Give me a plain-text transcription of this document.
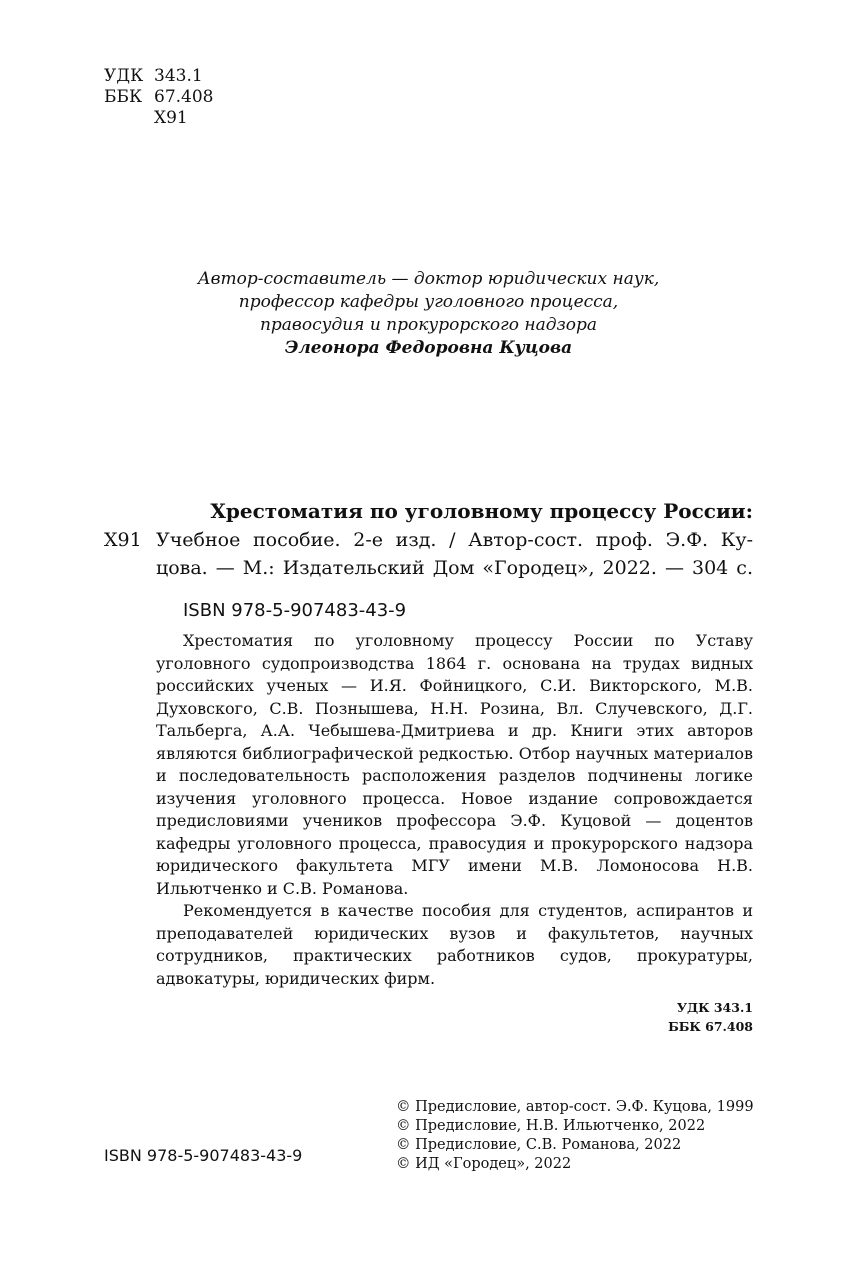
УДК 343.1
ББК 67.408
Х91
Автор-составитель — доктор юридических наук,
профессор кафедры уголовного процесса,
правосудия и прокурорского надзора
Элеонора Федоровна Куцова
Хрестоматия по уголовному процессу России:
Х91 Учебное пособие. 2-е изд. / Автор-сост. проф. Э.Ф. Ку-
цова. — М.: Издательский Дом «Городец», 2022. — 304 с.
ISBN 978-5-907483-43-9

Хрестоматия по уголовному процессу России по Уставу уголовного судопроизводства 1864 г. основана на трудах видных российских ученых — И.Я. Фойницкого, С.И. Викторского, М.В. Духовского, С.В. Познышева, Н.Н. Розина, Вл. Случевского, Д.Г. Тальберга, А.А. Чебышева-Дмитриева и др. Книги этих авторов являются библиографической редкостью. Отбор научных материалов и последовательность расположения разделов подчинены логике изучения уголовного процесса. Новое издание сопровождается предисловиями учеников профессора Э.Ф. Куцовой — доцентов кафедры уголовного процесса, правосудия и прокурорского надзора юридического факультета МГУ имени М.В. Ломоносова Н.В. Ильютченко и С.В. Романова.

Рекомендуется в качестве пособия для студентов, аспирантов и преподавателей юридических вузов и факультетов, научных сотрудников, практических работников судов, прокуратуры, адвокатуры, юридических фирм.

УДК 343.1
ББК 67.408
© Предисловие, автор-сост. Э.Ф. Куцова, 1999
© Предисловие, Н.В. Ильютченко, 2022
© Предисловие, С.В. Романова, 2022
© ИД «Городец», 2022
ISBN 978-5-907483-43-9
